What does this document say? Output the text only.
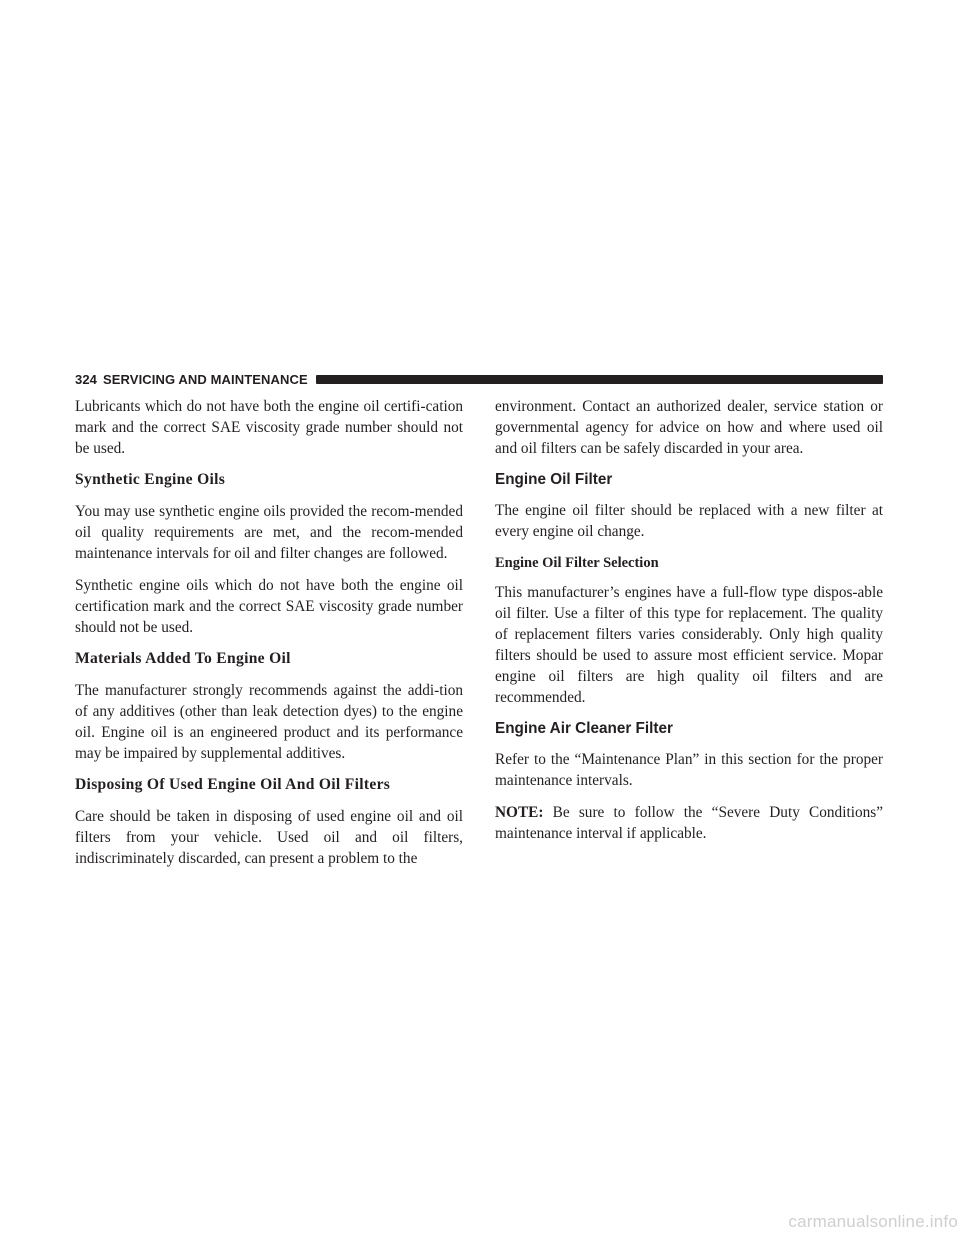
324 SERVICING AND MAINTENANCE

Lubricants which do not have both the engine oil certifi-cation mark and the correct SAE viscosity grade number should not be used.

Synthetic Engine Oils

You may use synthetic engine oils provided the recom-mended oil quality requirements are met, and the recom-mended maintenance intervals for oil and filter changes are followed.

Synthetic engine oils which do not have both the engine oil certification mark and the correct SAE viscosity grade number should not be used.

Materials Added To Engine Oil

The manufacturer strongly recommends against the addi-tion of any additives (other than leak detection dyes) to the engine oil. Engine oil is an engineered product and its performance may be impaired by supplemental additives.

Disposing Of Used Engine Oil And Oil Filters

Care should be taken in disposing of used engine oil and oil filters from your vehicle. Used oil and oil filters, indiscriminately discarded, can present a problem to the

environment. Contact an authorized dealer, service station or governmental agency for advice on how and where used oil and oil filters can be safely discarded in your area.

Engine Oil Filter

The engine oil filter should be replaced with a new filter at every engine oil change.

Engine Oil Filter Selection

This manufacturer’s engines have a full-flow type dispos-able oil filter. Use a filter of this type for replacement. The quality of replacement filters varies considerably. Only high quality filters should be used to assure most efficient service. Mopar engine oil filters are high quality oil filters and are recommended.

Engine Air Cleaner Filter

Refer to the “Maintenance Plan” in this section for the proper maintenance intervals.

NOTE: Be sure to follow the “Severe Duty Conditions” maintenance interval if applicable.

carmanualsonline.info
